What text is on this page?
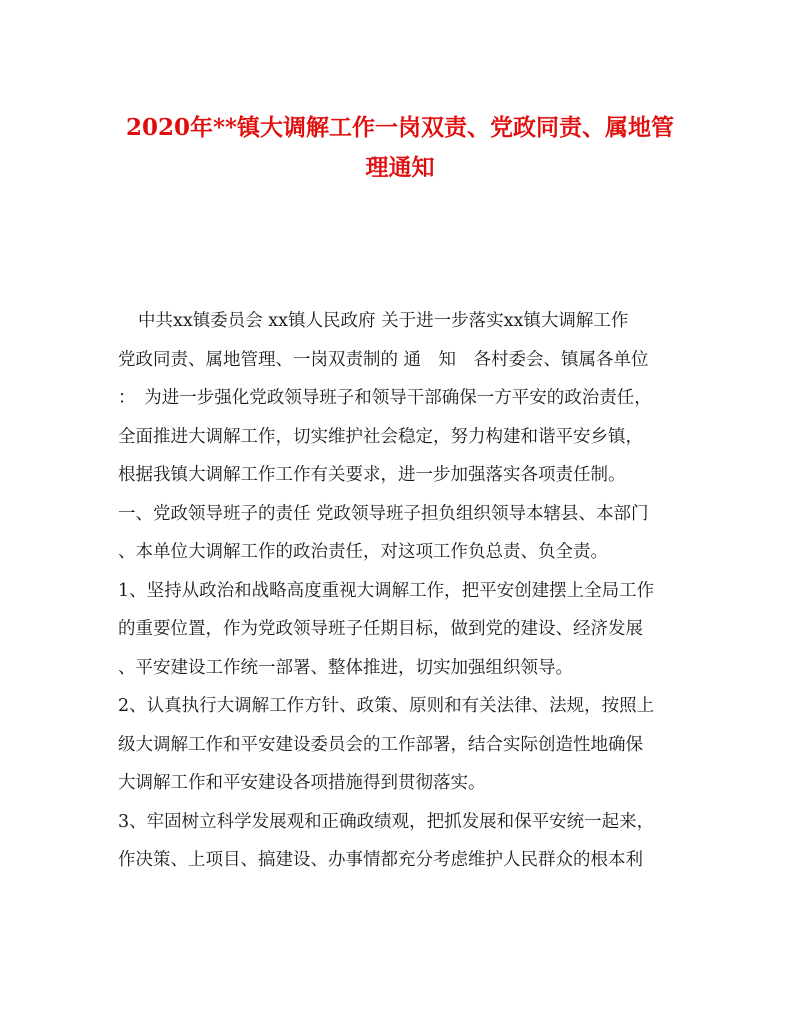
2020年**镇大调解工作一岗双责、党政同责、属地管
理通知
中共xx镇委员会 xx镇人民政府 关于进一步落实xx镇大调解工作
党政同责、属地管理、一岗双责制的 通　知　各村委会、镇属各单位
：　为进一步强化党政领导班子和领导干部确保一方平安的政治责任，
全面推进大调解工作，切实维护社会稳定，努力构建和谐平安乡镇，
根据我镇大调解工作工作有关要求，进一步加强落实各项责任制。
一、党政领导班子的责任 党政领导班子担负组织领导本辖县、本部门
、本单位大调解工作的政治责任，对这项工作负总责、负全责。
1、坚持从政治和战略高度重视大调解工作，把平安创建摆上全局工作
的重要位置，作为党政领导班子任期目标，做到党的建设、经济发展
、平安建设工作统一部署、整体推进，切实加强组织领导。
2、认真执行大调解工作方针、政策、原则和有关法律、法规，按照上
级大调解工作和平安建设委员会的工作部署，结合实际创造性地确保
大调解工作和平安建设各项措施得到贯彻落实。
3、牢固树立科学发展观和正确政绩观，把抓发展和保平安统一起来，
作决策、上项目、搞建设、办事情都充分考虑维护人民群众的根本利
